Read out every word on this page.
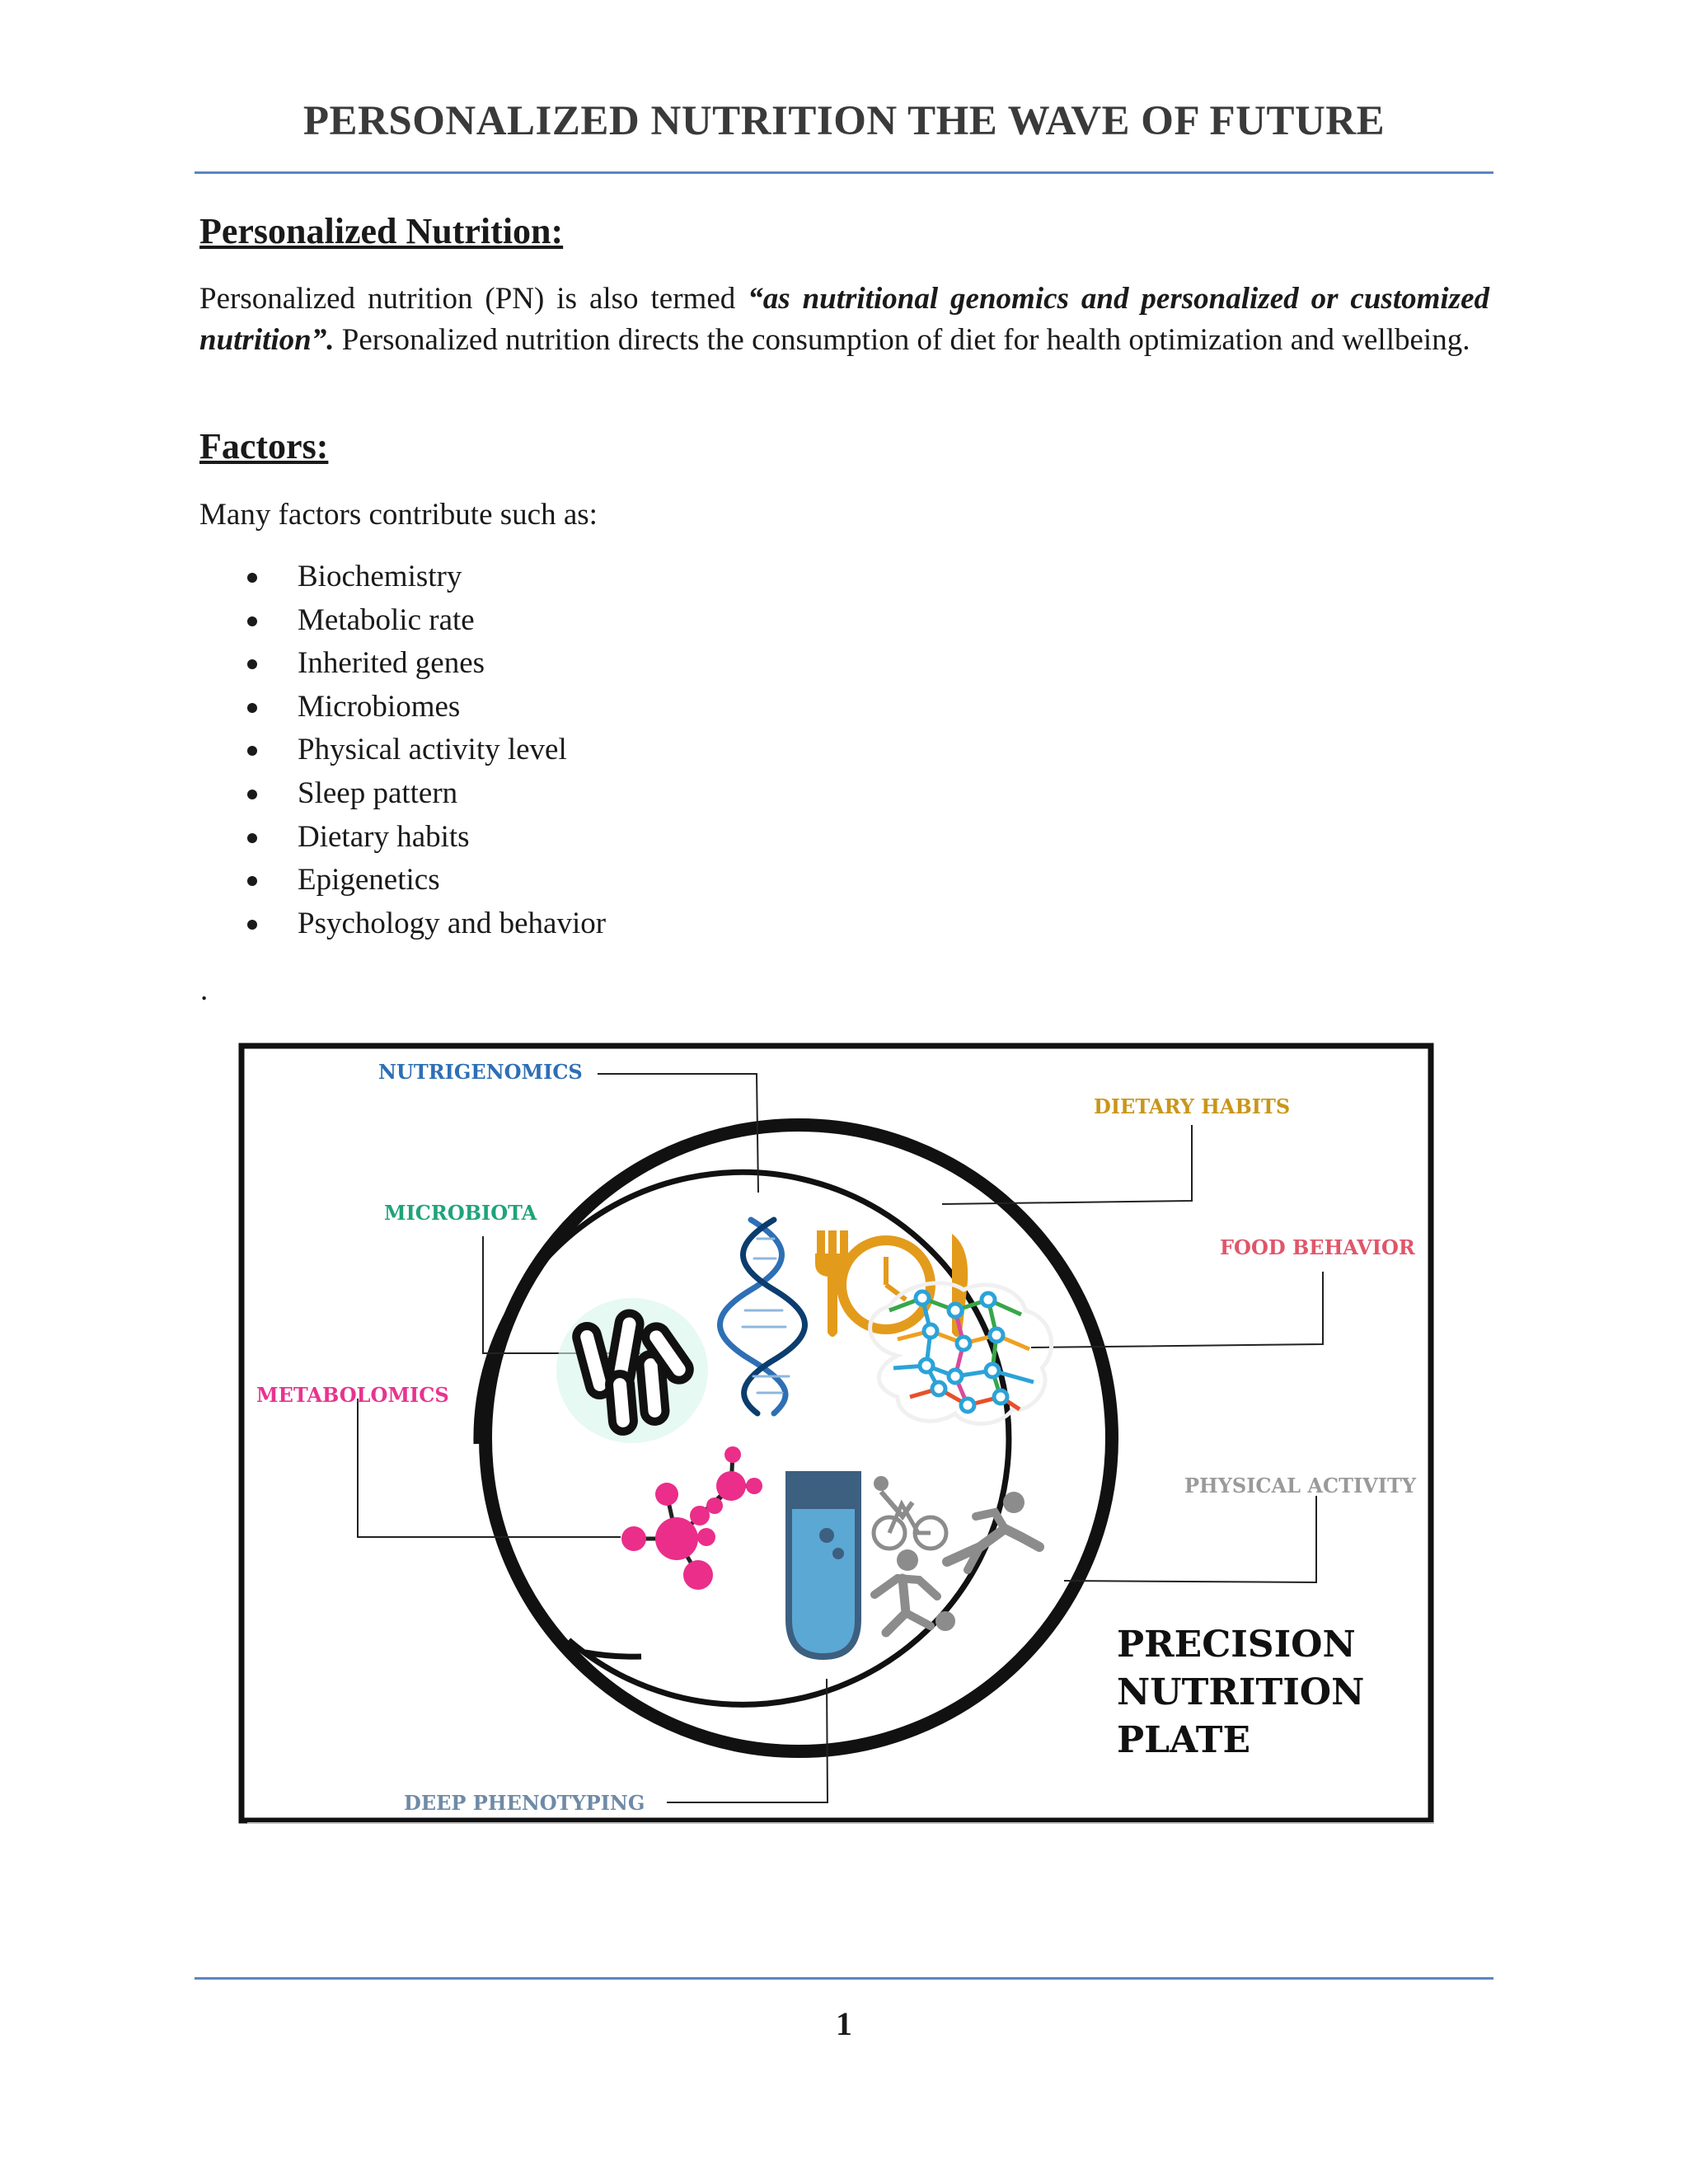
PERSONALIZED NUTRITION THE WAVE OF FUTURE
Personalized Nutrition:
Personalized nutrition (PN) is also termed “as nutritional genomics and personalized or customized nutrition”. Personalized nutrition directs the consumption of diet for health optimization and wellbeing.
Factors:
Many factors contribute such as:
Biochemistry
Metabolic rate
Inherited genes
Microbiomes
Physical activity level
Sleep pattern
Dietary habits
Epigenetics
Psychology and behavior
.
NUTRIGENOMICS
DIETARY HABITS
MICROBIOTA
FOOD BEHAVIOR
METABOLOMICS
PHYSICAL ACTIVITY
DEEP PHENOTYPING
PRECISION
NUTRITION
PLATE
1
